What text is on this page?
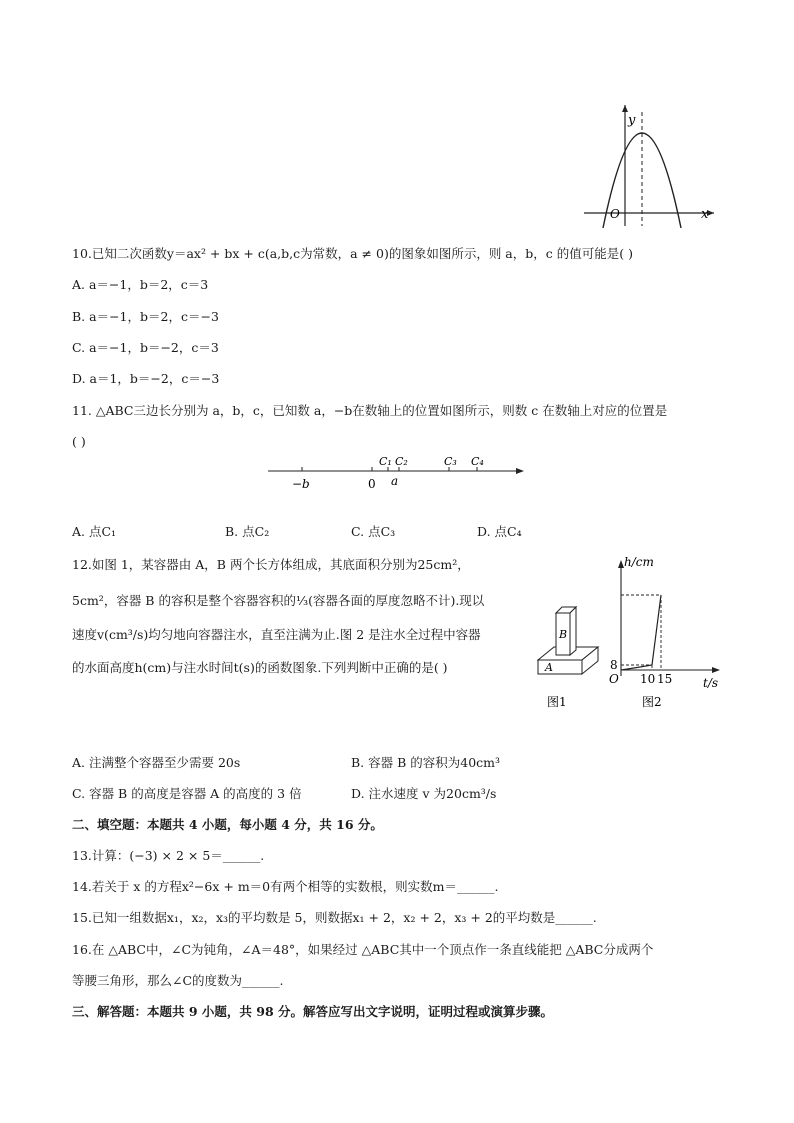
y
x
O
10.已知二次函数y＝ax² + bx + c(a,b,c为常数，a ≠ 0)的图象如图所示，则 a，b，c 的值可能是( )
A. a＝−1，b＝2，c＝3
B. a＝−1，b＝2，c＝−3
C. a＝−1，b＝−2，c＝3
D. a＝1，b＝−2，c＝−3
11. △ABC三边长分别为 a，b，c，已知数 a，−b在数轴上的位置如图所示，则数 c 在数轴上对应的位置是
( )
−b	0 a
C₁ C₂	C₃ C₄
A. 点C₁	B. 点C₂	C. 点C₃	D. 点C₄
12.如图 1，某容器由 A，B 两个长方体组成，其底面积分别为25cm²，
5cm²，容器 B 的容积是整个容器容积的⅓(容器各面的厚度忽略不计).现以
速度v(cm³/s)均匀地向容器注水，直至注满为止.图 2 是注水全过程中容器
的水面高度h(cm)与注水时间t(s)的函数图象.下列判断中正确的是( )	A
B
图1
h/cm
t/s
O
8
10 15
图2
A. 注满整个容器至少需要 20s	B. 容器 B 的容积为40cm³
C. 容器 B 的高度是容器 A 的高度的 3 倍	D. 注水速度 v 为20cm³/s
二、填空题：本题共 4 小题，每小题 4 分，共 16 分。
13.计算：(−3) × 2 × 5＝______.
14.若关于 x 的方程x²−6x + m＝0有两个相等的实数根，则实数m＝______.
15.已知一组数据x₁，x₂，x₃的平均数是 5，则数据x₁ + 2，x₂ + 2，x₃ + 2的平均数是______.
16.在 △ABC中，∠C为钝角，∠A＝48°，如果经过 △ABC其中一个顶点作一条直线能把 △ABC分成两个
等腰三角形，那么∠C的度数为______.
三、解答题：本题共 9 小题，共 98 分。解答应写出文字说明，证明过程或演算步骤。
